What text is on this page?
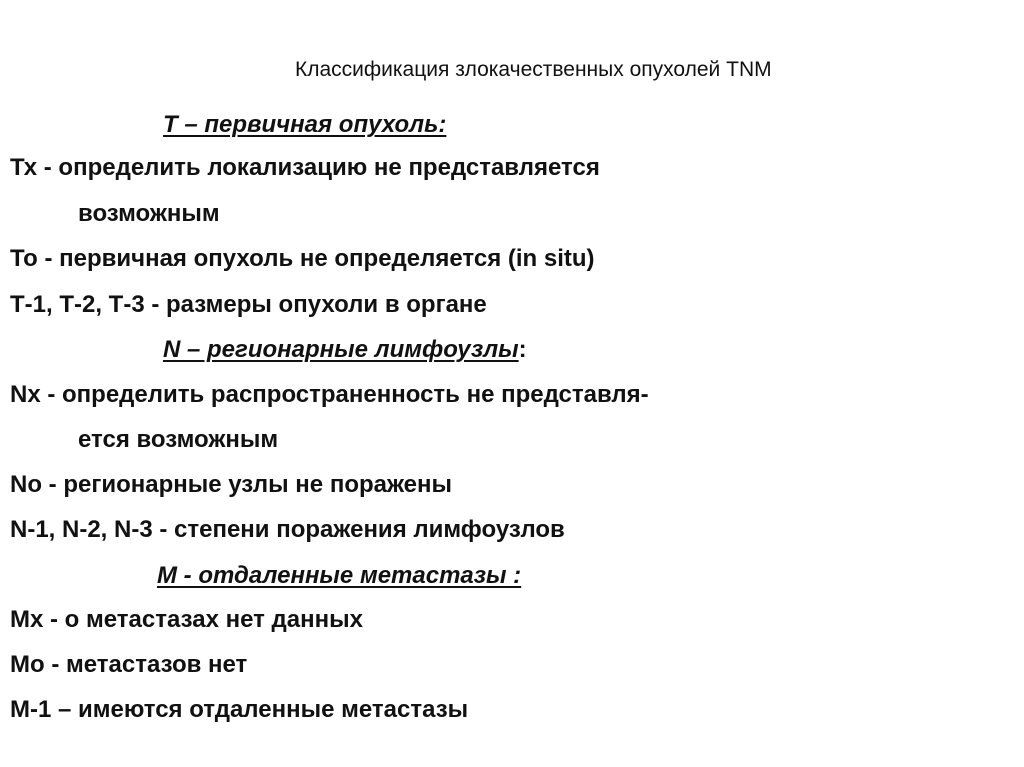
Классификация злокачественных опухолей TNM
Т – первичная опухоль:
Тх - определить локализацию не представляется
возможным
То - первичная опухоль не определяется (in situ)
Т-1, Т-2, Т-3 - размеры опухоли в органе
N – регионарные лимфоузлы:
Nx - определить распространенность не представля-
ется возможным
No - регионарные узлы не поражены
N-1, N-2, N-3 - степени поражения лимфоузлов
М - отдаленные метастазы :
Мх - о метастазах нет данных
Мо - метастазов нет
М-1 – имеются отдаленные метастазы
